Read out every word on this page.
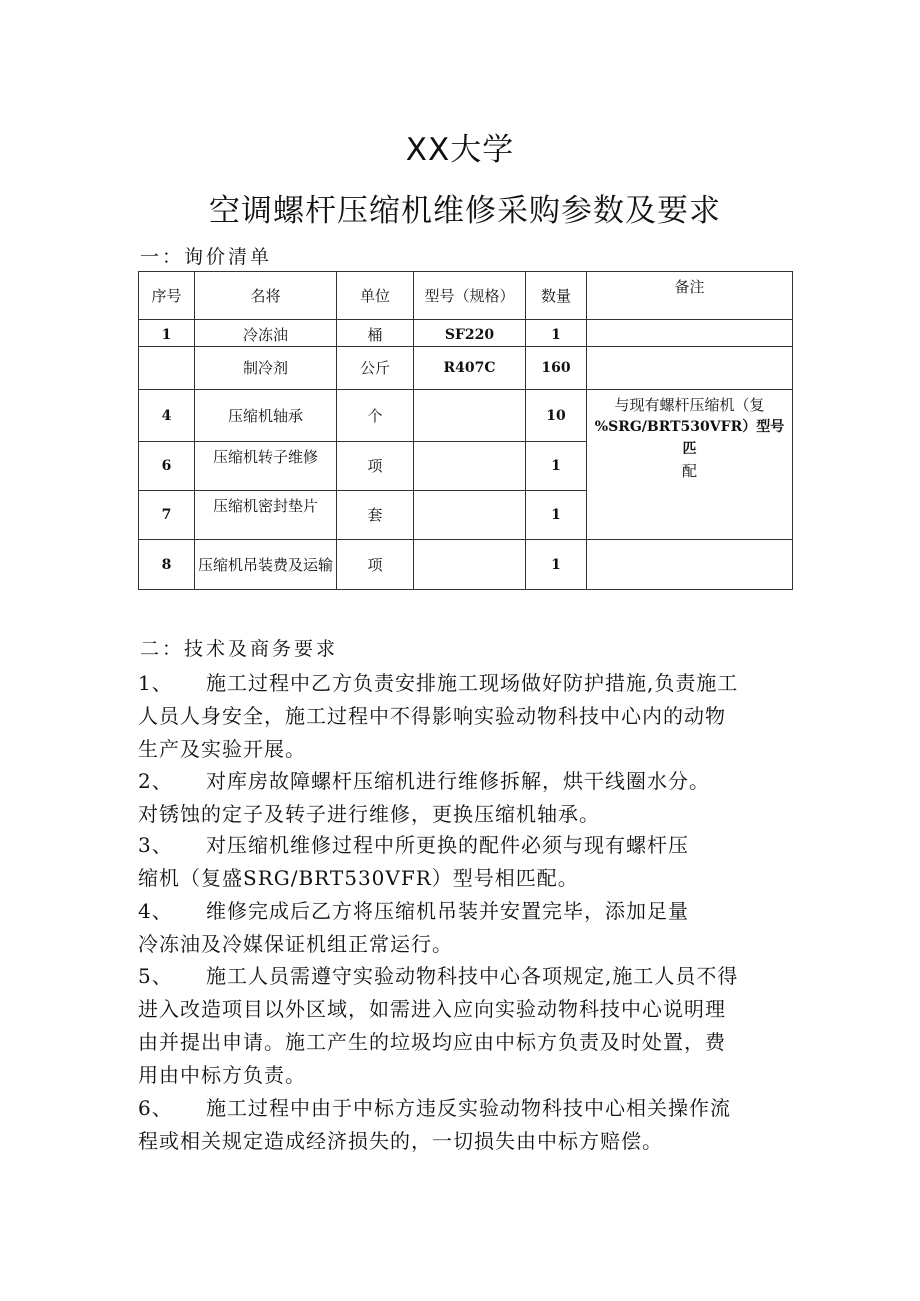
XX大学
空调螺杆压缩机维修采购参数及要求
一：询价清单
序号	名将	单位	型号（规格）	数量	备注	
1	冷冻油	桶	SF220	1		
	制冷剂	公斤	R407C	160		
4	压缩机轴承	个		10	与现有螺杆压缩机（复
%SRG/BRT530VFR）型号匹
配	

6	压缩机转子维修	项		1		
7	压缩机密封垫片	套		1		
8	压缩机吊装费及运输	项		1		
二：技术及商务要求
1、 施工过程中乙方负责安排施工现场做好防护措施,负责施工
人员人身安全，施工过程中不得影响实验动物科技中心内的动物
生产及实验开展。
2、 对库房故障螺杆压缩机进行维修拆解，烘干线圈水分。
对锈蚀的定子及转子进行维修，更换压缩机轴承。
3、 对压缩机维修过程中所更换的配件必须与现有螺杆压
缩机（复盛SRG/BRT530VFR）型号相匹配。
4、 维修完成后乙方将压缩机吊装并安置完毕，添加足量
冷冻油及冷媒保证机组正常运行。
5、 施工人员需遵守实验动物科技中心各项规定,施工人员不得
进入改造项目以外区域，如需进入应向实验动物科技中心说明理
由并提出申请。施工产生的垃圾均应由中标方负责及时处置，费
用由中标方负责。
6、 施工过程中由于中标方违反实验动物科技中心相关操作流
程或相关规定造成经济损失的，一切损失由中标方赔偿。
